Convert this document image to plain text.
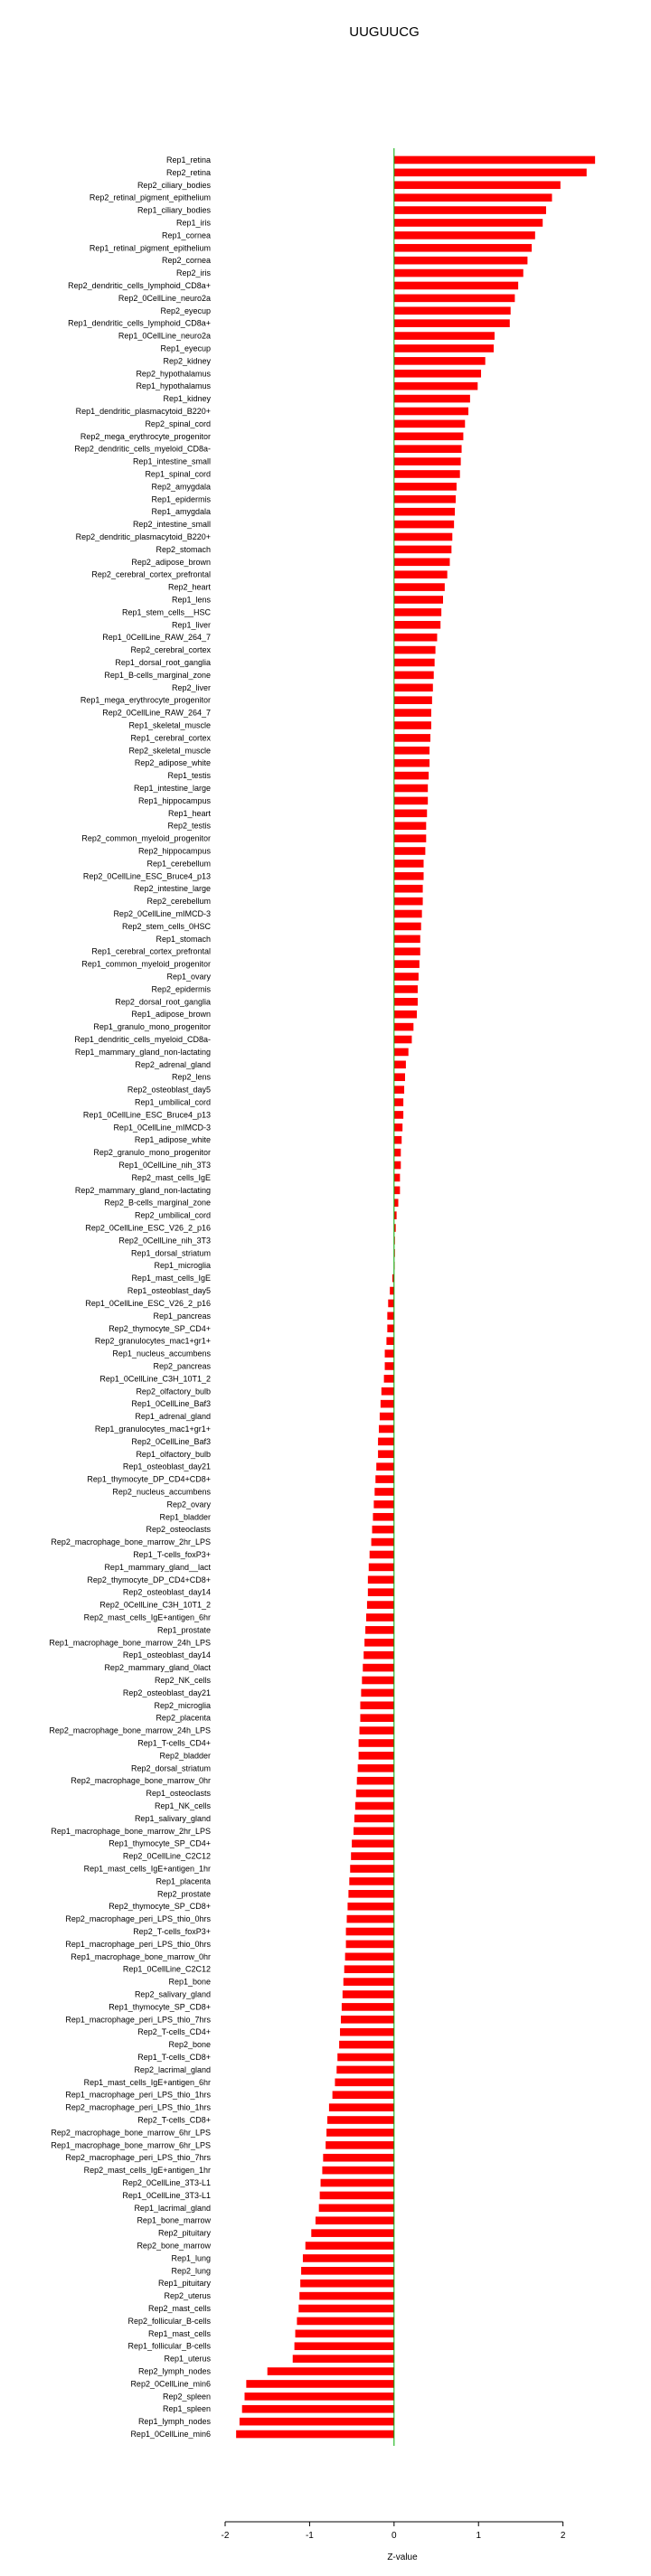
UUGUUCG
Rep1_retina
Rep2_retina
Rep2_ciliary_bodies
Rep2_retinal_pigment_epithelium
Rep1_ciliary_bodies
Rep1_iris
Rep1_cornea
Rep1_retinal_pigment_epithelium
Rep2_cornea
Rep2_iris
Rep2_dendritic_cells_lymphoid_CD8a+
Rep2_0CellLine_neuro2a
Rep2_eyecup
Rep1_dendritic_cells_lymphoid_CD8a+
Rep1_0CellLine_neuro2a
Rep1_eyecup
Rep2_kidney
Rep2_hypothalamus
Rep1_hypothalamus
Rep1_kidney
Rep1_dendritic_plasmacytoid_B220+
Rep2_spinal_cord
Rep2_mega_erythrocyte_progenitor
Rep2_dendritic_cells_myeloid_CD8a-
Rep1_intestine_small
Rep1_spinal_cord
Rep2_amygdala
Rep1_epidermis
Rep1_amygdala
Rep2_intestine_small
Rep2_dendritic_plasmacytoid_B220+
Rep2_stomach
Rep2_adipose_brown
Rep2_cerebral_cortex_prefrontal
Rep2_heart
Rep1_lens
Rep1_stem_cells__HSC
Rep1_liver
Rep1_0CellLine_RAW_264_7
Rep2_cerebral_cortex
Rep1_dorsal_root_ganglia
Rep1_B-cells_marginal_zone
Rep2_liver
Rep1_mega_erythrocyte_progenitor
Rep2_0CellLine_RAW_264_7
Rep1_skeletal_muscle
Rep1_cerebral_cortex
Rep2_skeletal_muscle
Rep2_adipose_white
Rep1_testis
Rep1_intestine_large
Rep1_hippocampus
Rep1_heart
Rep2_testis
Rep2_common_myeloid_progenitor
Rep2_hippocampus
Rep1_cerebellum
Rep2_0CellLine_ESC_Bruce4_p13
Rep2_intestine_large
Rep2_cerebellum
Rep2_0CellLine_mIMCD-3
Rep2_stem_cells_0HSC
Rep1_stomach
Rep1_cerebral_cortex_prefrontal
Rep1_common_myeloid_progenitor
Rep1_ovary
Rep2_epidermis
Rep2_dorsal_root_ganglia
Rep1_adipose_brown
Rep1_granulo_mono_progenitor
Rep1_dendritic_cells_myeloid_CD8a-
Rep1_mammary_gland_non-lactating
Rep2_adrenal_gland
Rep2_lens
Rep2_osteoblast_day5
Rep1_umbilical_cord
Rep1_0CellLine_ESC_Bruce4_p13
Rep1_0CellLine_mIMCD-3
Rep1_adipose_white
Rep2_granulo_mono_progenitor
Rep1_0CellLine_nih_3T3
Rep2_mast_cells_IgE
Rep2_mammary_gland_non-lactating
Rep2_B-cells_marginal_zone
Rep2_umbilical_cord
Rep2_0CellLine_ESC_V26_2_p16
Rep2_0CellLine_nih_3T3
Rep1_dorsal_striatum
Rep1_microglia
Rep1_mast_cells_IgE
Rep1_osteoblast_day5
Rep1_0CellLine_ESC_V26_2_p16
Rep1_pancreas
Rep2_thymocyte_SP_CD4+
Rep2_granulocytes_mac1+gr1+
Rep1_nucleus_accumbens
Rep2_pancreas
Rep1_0CellLine_C3H_10T1_2
Rep2_olfactory_bulb
Rep1_0CellLine_Baf3
Rep1_adrenal_gland
Rep1_granulocytes_mac1+gr1+
Rep2_0CellLine_Baf3
Rep1_olfactory_bulb
Rep1_osteoblast_day21
Rep1_thymocyte_DP_CD4+CD8+
Rep2_nucleus_accumbens
Rep2_ovary
Rep1_bladder
Rep2_osteoclasts
Rep2_macrophage_bone_marrow_2hr_LPS
Rep1_T-cells_foxP3+
Rep1_mammary_gland__lact
Rep2_thymocyte_DP_CD4+CD8+
Rep2_osteoblast_day14
Rep2_0CellLine_C3H_10T1_2
Rep2_mast_cells_IgE+antigen_6hr
Rep1_prostate
Rep1_macrophage_bone_marrow_24h_LPS
Rep1_osteoblast_day14
Rep2_mammary_gland_0lact
Rep2_NK_cells
Rep2_osteoblast_day21
Rep2_microglia
Rep2_placenta
Rep2_macrophage_bone_marrow_24h_LPS
Rep1_T-cells_CD4+
Rep2_bladder
Rep2_dorsal_striatum
Rep2_macrophage_bone_marrow_0hr
Rep1_osteoclasts
Rep1_NK_cells
Rep1_salivary_gland
Rep1_macrophage_bone_marrow_2hr_LPS
Rep1_thymocyte_SP_CD4+
Rep2_0CellLine_C2C12
Rep1_mast_cells_IgE+antigen_1hr
Rep1_placenta
Rep2_prostate
Rep2_thymocyte_SP_CD8+
Rep2_macrophage_peri_LPS_thio_0hrs
Rep2_T-cells_foxP3+
Rep1_macrophage_peri_LPS_thio_0hrs
Rep1_macrophage_bone_marrow_0hr
Rep1_0CellLine_C2C12
Rep1_bone
Rep2_salivary_gland
Rep1_thymocyte_SP_CD8+
Rep1_macrophage_peri_LPS_thio_7hrs
Rep2_T-cells_CD4+
Rep2_bone
Rep1_T-cells_CD8+
Rep2_lacrimal_gland
Rep1_mast_cells_IgE+antigen_6hr
Rep1_macrophage_peri_LPS_thio_1hrs
Rep2_macrophage_peri_LPS_thio_1hrs
Rep2_T-cells_CD8+
Rep2_macrophage_bone_marrow_6hr_LPS
Rep1_macrophage_bone_marrow_6hr_LPS
Rep2_macrophage_peri_LPS_thio_7hrs
Rep2_mast_cells_IgE+antigen_1hr
Rep2_0CellLine_3T3-L1
Rep1_0CellLine_3T3-L1
Rep1_lacrimal_gland
Rep1_bone_marrow
Rep2_pituitary
Rep2_bone_marrow
Rep1_lung
Rep2_lung
Rep1_pituitary
Rep2_uterus
Rep2_mast_cells
Rep2_follicular_B-cells
Rep1_mast_cells
Rep1_follicular_B-cells
Rep1_uterus
Rep2_lymph_nodes
Rep2_0CellLine_min6
Rep2_spleen
Rep1_spleen
Rep1_lymph_nodes
Rep1_0CellLine_min6
-2	-1	0	1	2
Z-value
